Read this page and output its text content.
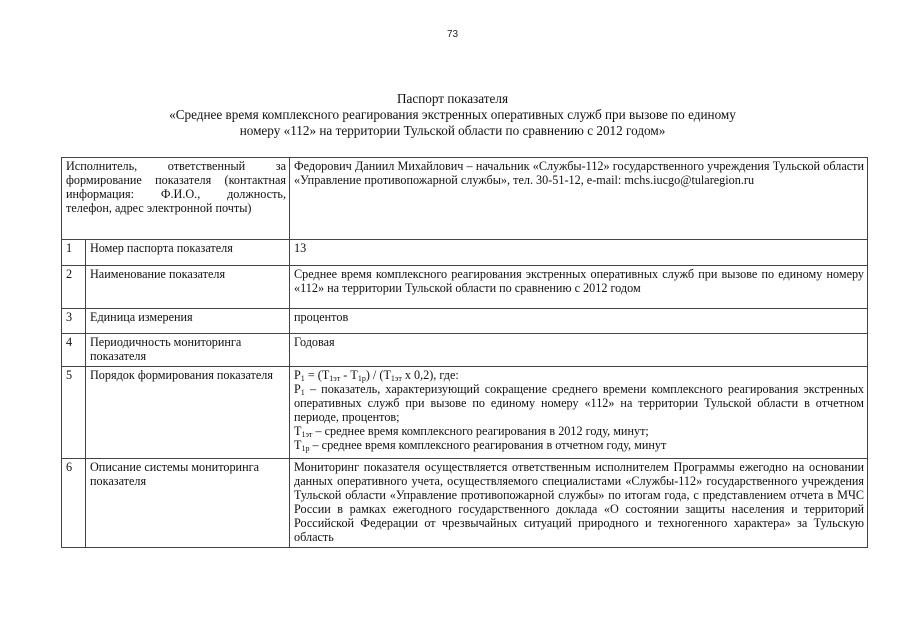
73
Паспорт показателя
«Среднее время комплексного реагирования экстренных оперативных служб при вызове по единому
номеру «112» на территории Тульской области по сравнению с 2012 годом»
Исполнитель, ответственный за формирование показателя (контактная информация: Ф.И.О., должность, телефон, адрес электронной почты)		Федорович Даниил Михайлович – начальник «Службы-112» государственного учреждения Тульской области «Управление противопожарной службы», тел. 30-51-12, e-mail: mchs.iucgo@tularegion.ru
1	Номер паспорта показателя	13
2	Наименование показателя	Среднее время комплексного реагирования экстренных оперативных служб при вызове по единому номеру «112» на территории Тульской области по сравнению с 2012 годом
3	Единица измерения	процентов
4	Периодичность мониторинга показателя	Годовая
5	Порядок формирования показателя	$P_1 = (T_{1эт} - T_{1р}) / (T_{1эт}$ х 0,2), где:
$P_1$ – показатель, характеризующий сокращение среднего времени комплексного реагирования экстренных оперативных служб при вызове по единому номеру «112» на территории Тульской области в отчетном периоде, процентов;
$T_{1эт}$ – среднее время комплексного реагирования в 2012 году, минут;
$T_{1р}$ – среднее время комплексного реагирования в отчетном году, минут

6	Описание системы мониторинга показателя	Мониторинг показателя осуществляется ответственным исполнителем Программы ежегодно на основании данных оперативного учета, осуществляемого специалистами «Службы-112» государственного учреждения Тульской области «Управление противопожарной службы» по итогам года, с представлением отчета в МЧС России в рамках ежегодного государственного доклада «О состоянии защиты населения и территорий Российской Федерации от чрезвычайных ситуаций природного и техногенного характера» за Тульскую область
